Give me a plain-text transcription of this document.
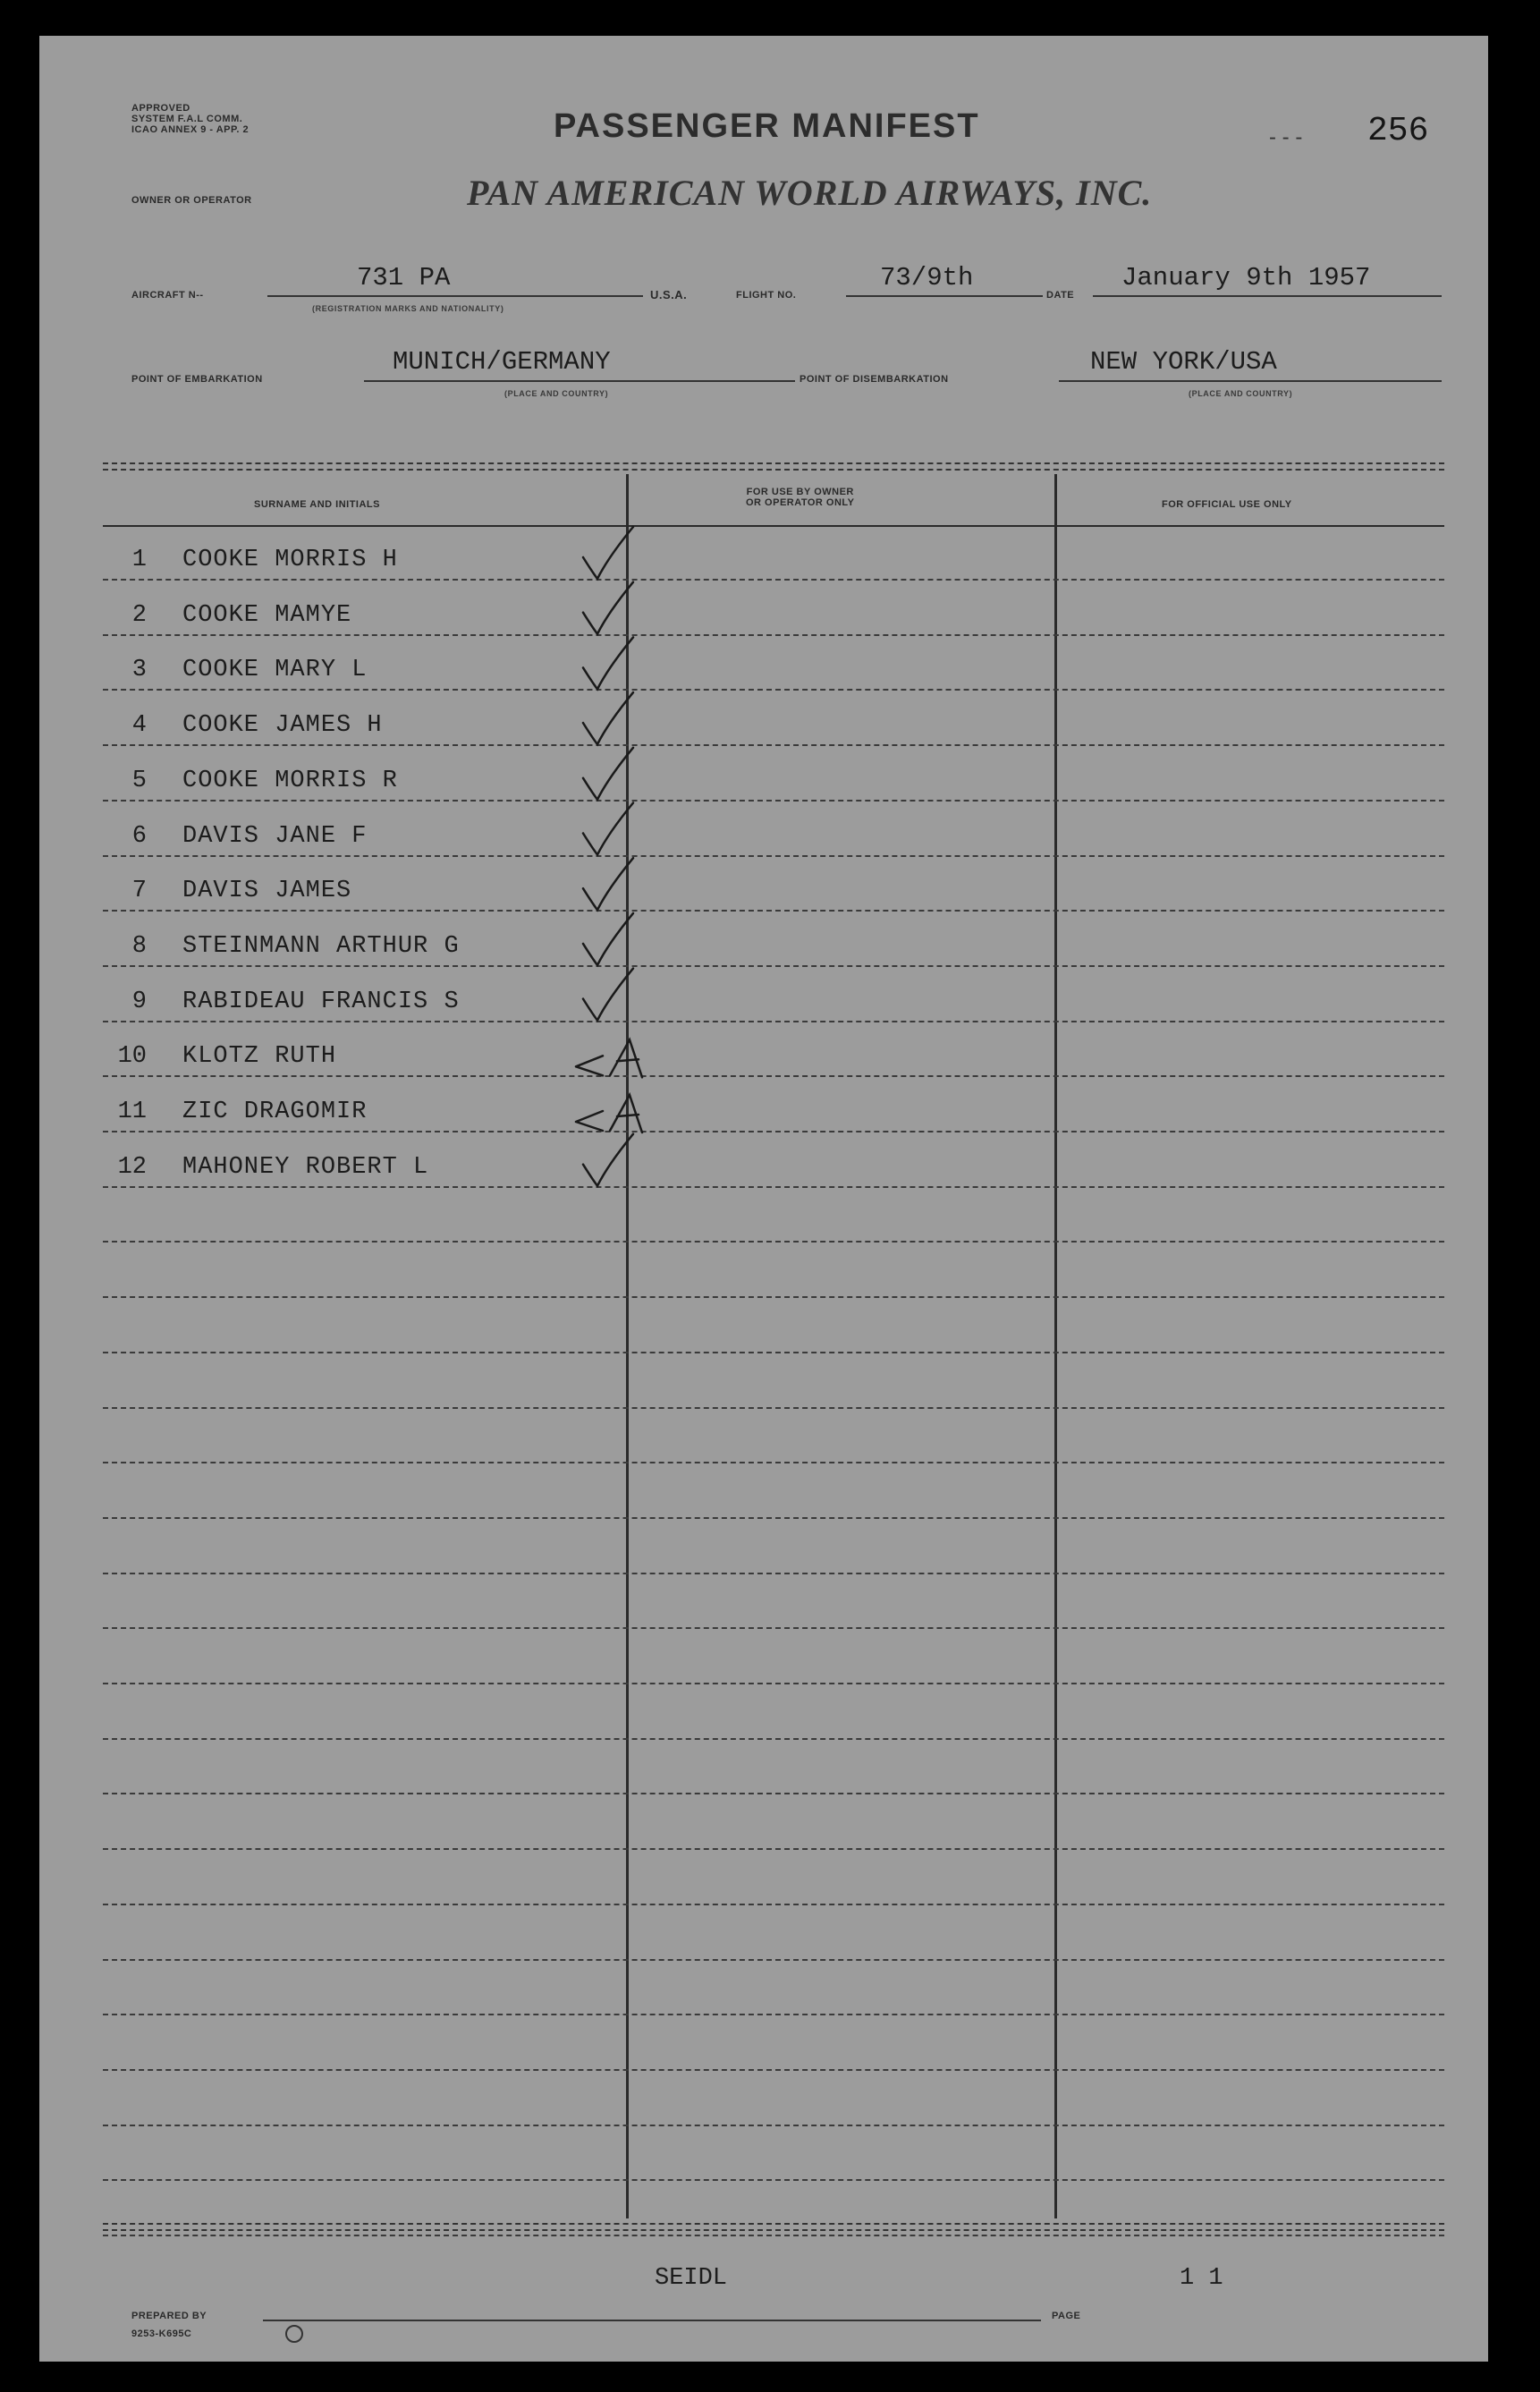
APPROVED
SYSTEM F.A.L COMM.
ICAO ANNEX 9 - APP. 2	PASSENGER MANIFEST	256
- - -
OWNER OR OPERATOR	PAN AMERICAN WORLD AIRWAYS, INC.
AIRCRAFT N--
731 PA
(REGISTRATION MARKS AND NATIONALITY)
U.S.A.	FLIGHT NO.
73/9th
DATE
January 9th 1957
POINT OF EMBARKATION
MUNICH/GERMANY
(PLACE AND COUNTRY)
POINT OF DISEMBARKATION
NEW YORK/USA
(PLACE AND COUNTRY)
SURNAME AND INITIALS
FOR USE BY OWNER
OR OPERATOR ONLY	FOR OFFICIAL USE ONLY
1 COOKE MORRIS H
2 COOKE MAMYE
3 COOKE MARY L
4 COOKE JAMES H
5 COOKE MORRIS R
6 DAVIS JANE F
7 DAVIS JAMES
8 STEINMANN ARTHUR G
9 RABIDEAU FRANCIS S
10 KLOTZ RUTH
11 ZIC DRAGOMIR
12 MAHONEY ROBERT L
SEIDL	1 1
PREPARED BY	PAGE
9253-K695C
